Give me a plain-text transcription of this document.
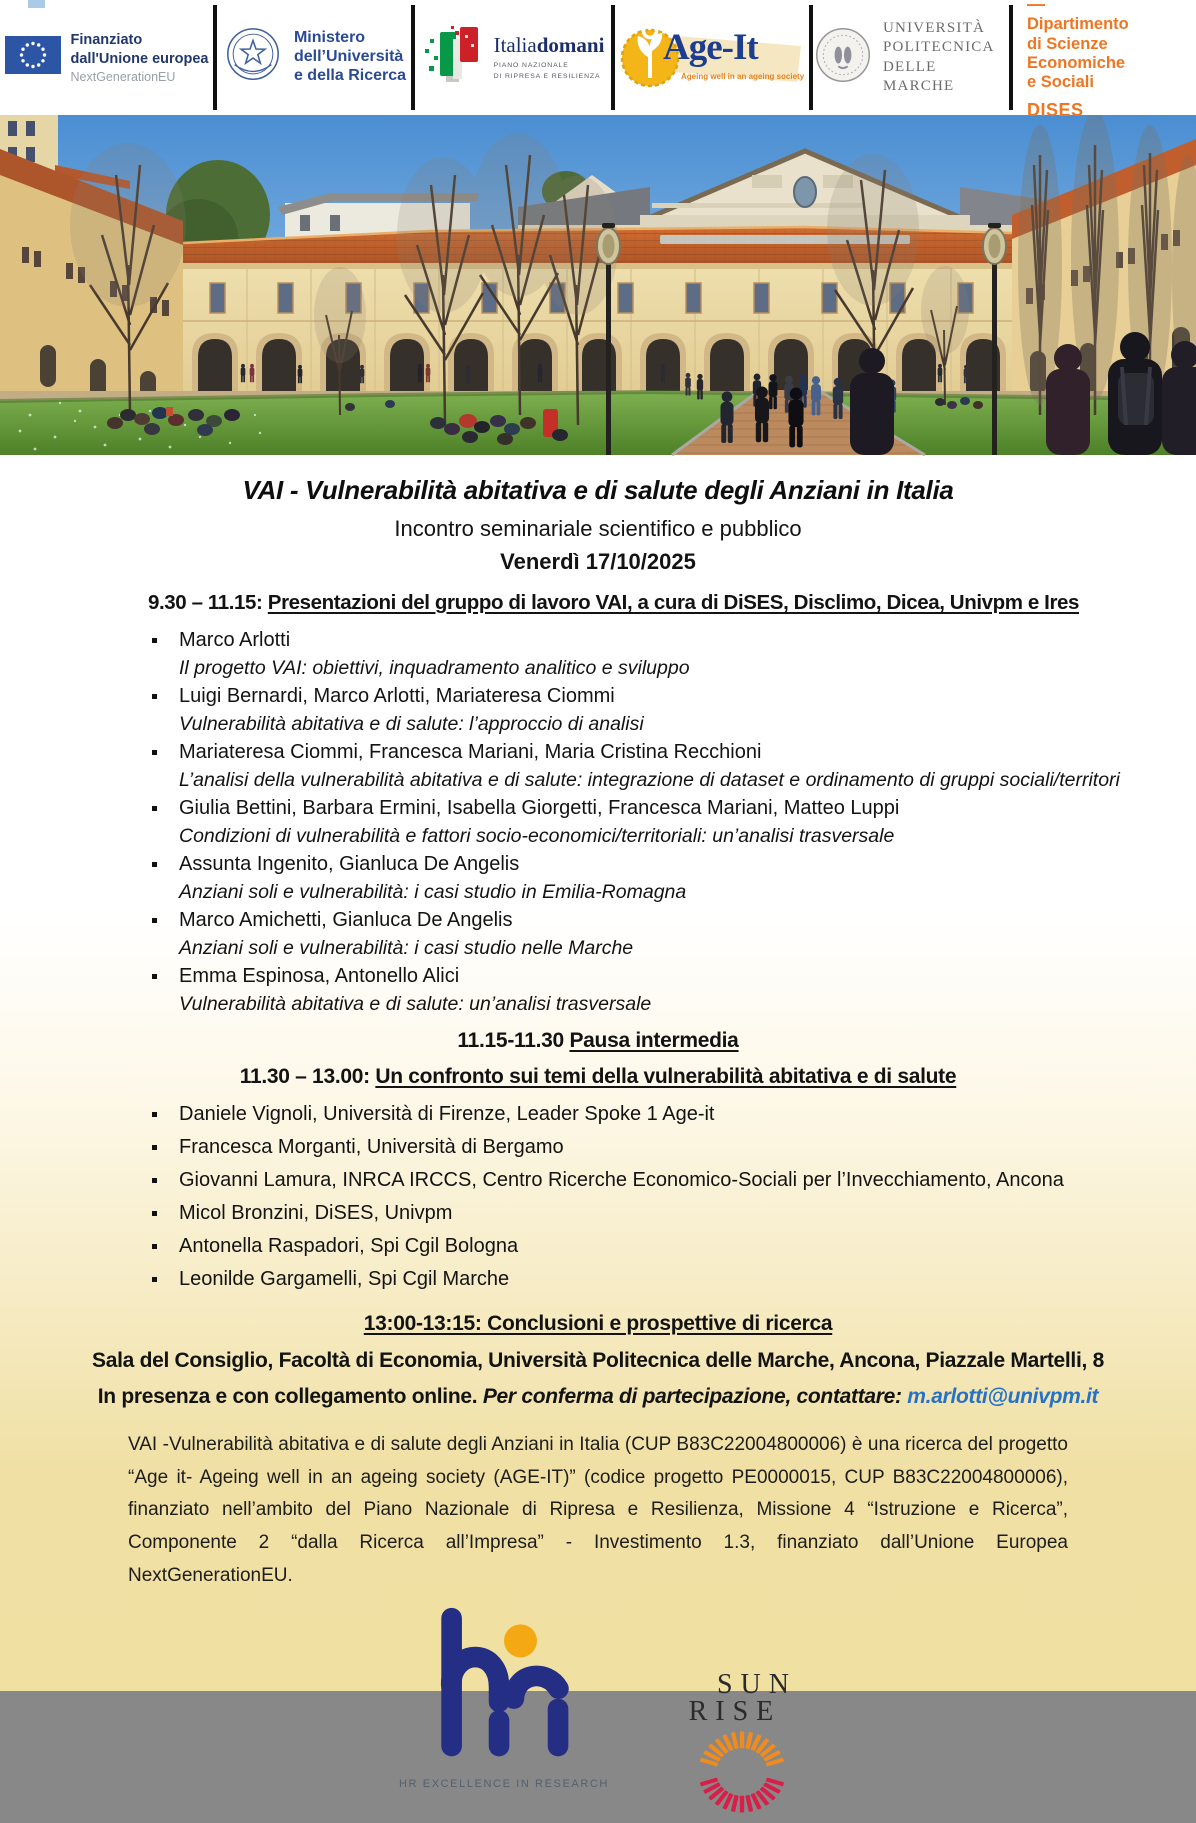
Finanziato
dall'Unione europea
NextGenerationEU
Ministero
dell’Università
e della Ricerca
Italiadomani
PIANO NAZIONALE
DI RIPRESA E RESILIENZA
Age-It
Ageing well in an ageing society
UNIVERSITÀ
POLITECNICA
DELLE MARCHE
—
Dipartimento
di Scienze
Economiche
e Sociali
DISES
VAI - Vulnerabilità abitativa e di salute degli Anziani in Italia
Incontro seminariale scientifico e pubblico
Venerdì 17/10/2025
9.30 – 11.15: Presentazioni del gruppo di lavoro VAI, a cura di DiSES, Disclimo, Dicea, Univpm e Ires
Marco Arlotti
Il progetto VAI: obiettivi, inquadramento analitico e sviluppo
Luigi Bernardi, Marco Arlotti, Mariateresa Ciommi
Vulnerabilità abitativa e di salute: l’approccio di analisi
Mariateresa Ciommi, Francesca Mariani, Maria Cristina Recchioni
L’analisi della vulnerabilità abitativa e di salute: integrazione di dataset e ordinamento di gruppi sociali/territori
Giulia Bettini, Barbara Ermini, Isabella Giorgetti, Francesca Mariani, Matteo Luppi
Condizioni di vulnerabilità e fattori socio-economici/territoriali: un’analisi trasversale
Assunta Ingenito, Gianluca De Angelis
Anziani soli e vulnerabilità: i casi studio in Emilia-Romagna
Marco Amichetti, Gianluca De Angelis
Anziani soli e vulnerabilità: i casi studio nelle Marche
Emma Espinosa, Antonello Alici
Vulnerabilità abitativa e di salute: un’analisi trasversale
11.15-11.30 Pausa intermedia
11.30 – 13.00: Un confronto sui temi della vulnerabilità abitativa e di salute
Daniele Vignoli, Università di Firenze, Leader Spoke 1 Age-it
Francesca Morganti, Università di Bergamo
Giovanni Lamura, INRCA IRCCS, Centro Ricerche Economico-Sociali per l’Invecchiamento, Ancona
Micol Bronzini, DiSES, Univpm
Antonella Raspadori, Spi Cgil Bologna
Leonilde Gargamelli, Spi Cgil Marche
13:00-13:15: Conclusioni e prospettive di ricerca
Sala del Consiglio, Facoltà di Economia, Università Politecnica delle Marche, Ancona, Piazzale Martelli, 8
In presenza e con collegamento online. Per conferma di partecipazione, contattare: m.arlotti@univpm.it
VAI -Vulnerabilità abitativa e di salute degli Anziani in Italia (CUP B83C22004800006) è una ricerca del progetto “Age it- Ageing well in an ageing society (AGE-IT)” (codice progetto PE0000015, CUP B83C22004800006), finanziato nell’ambito del Piano Nazionale di Ripresa e Resilienza, Missione 4 “Istruzione e Ricerca”, Componente 2 “dalla Ricerca all’Impresa” - Investimento 1.3, finanziato dall’Unione Europea NextGenerationEU.
HR EXCELLENCE IN RESEARCH
SUN
RISE
